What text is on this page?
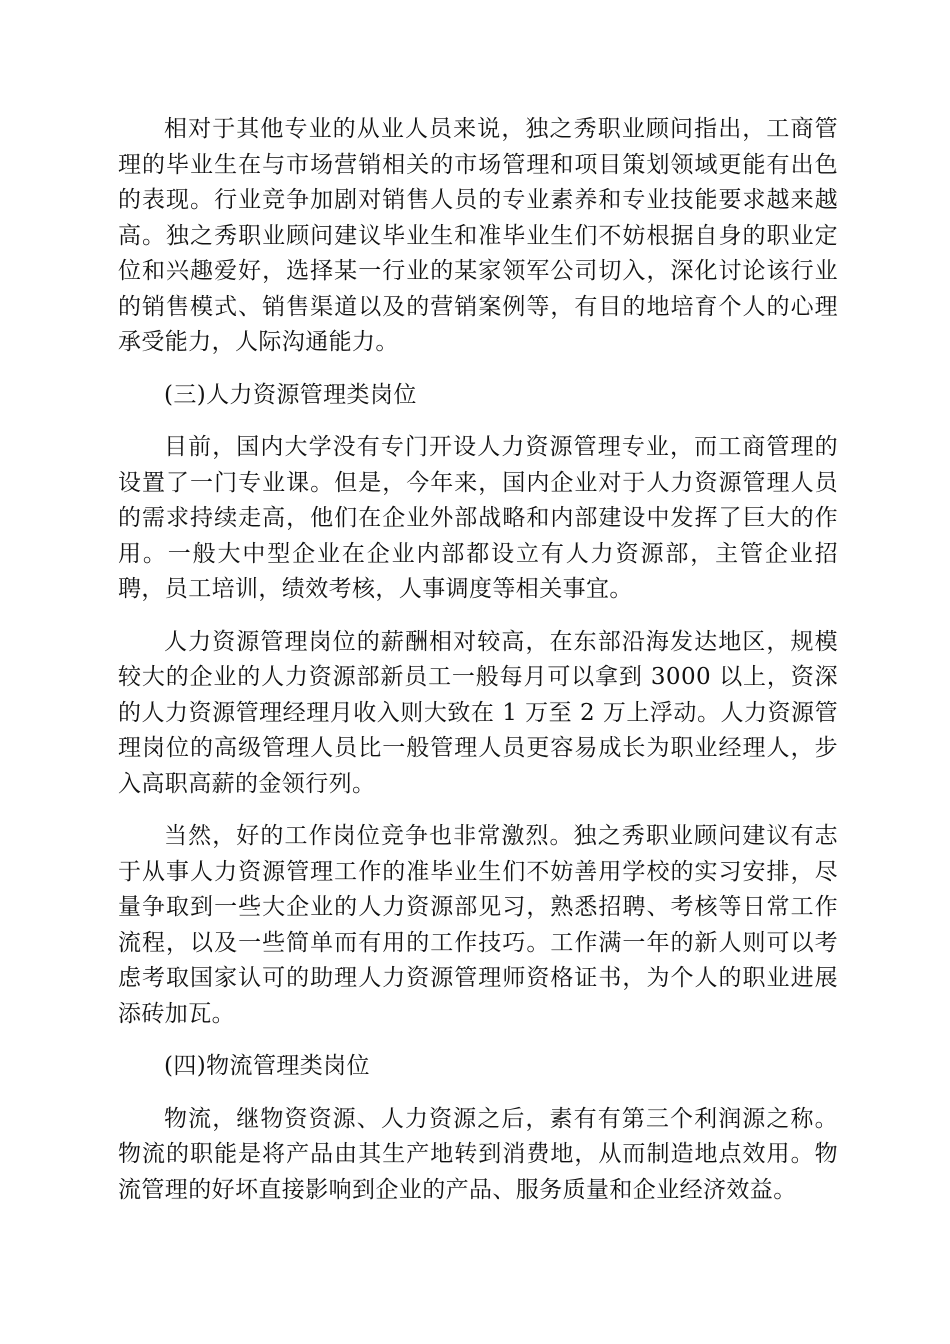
相对于其他专业的从业人员来说，独之秀职业顾问指出，工商管理的毕业生在与市场营销相关的市场管理和项目策划领域更能有出色的表现。行业竞争加剧对销售人员的专业素养和专业技能要求越来越高。独之秀职业顾问建议毕业生和准毕业生们不妨根据自身的职业定位和兴趣爱好，选择某一行业的某家领军公司切入，深化讨论该行业的销售模式、销售渠道以及的营销案例等，有目的地培育个人的心理承受能力，人际沟通能力。

(三)人力资源管理类岗位

目前，国内大学没有专门开设人力资源管理专业，而工商管理的设置了一门专业课。但是，今年来，国内企业对于人力资源管理人员的需求持续走高，他们在企业外部战略和内部建设中发挥了巨大的作用。一般大中型企业在企业内部都设立有人力资源部，主管企业招聘，员工培训，绩效考核，人事调度等相关事宜。

人力资源管理岗位的薪酬相对较高，在东部沿海发达地区，规模较大的企业的人力资源部新员工一般每月可以拿到 3000 以上，资深的人力资源管理经理月收入则大致在 1 万至 2 万上浮动。人力资源管理岗位的高级管理人员比一般管理人员更容易成长为职业经理人，步入高职高薪的金领行列。

当然，好的工作岗位竞争也非常激烈。独之秀职业顾问建议有志于从事人力资源管理工作的准毕业生们不妨善用学校的实习安排，尽量争取到一些大企业的人力资源部见习，熟悉招聘、考核等日常工作流程，以及一些简单而有用的工作技巧。工作满一年的新人则可以考虑考取国家认可的助理人力资源管理师资格证书，为个人的职业进展添砖加瓦。

(四)物流管理类岗位

物流，继物资资源、人力资源之后，素有有第三个利润源之称。物流的职能是将产品由其生产地转到消费地，从而制造地点效用。物流管理的好坏直接影响到企业的产品、服务质量和企业经济效益。
